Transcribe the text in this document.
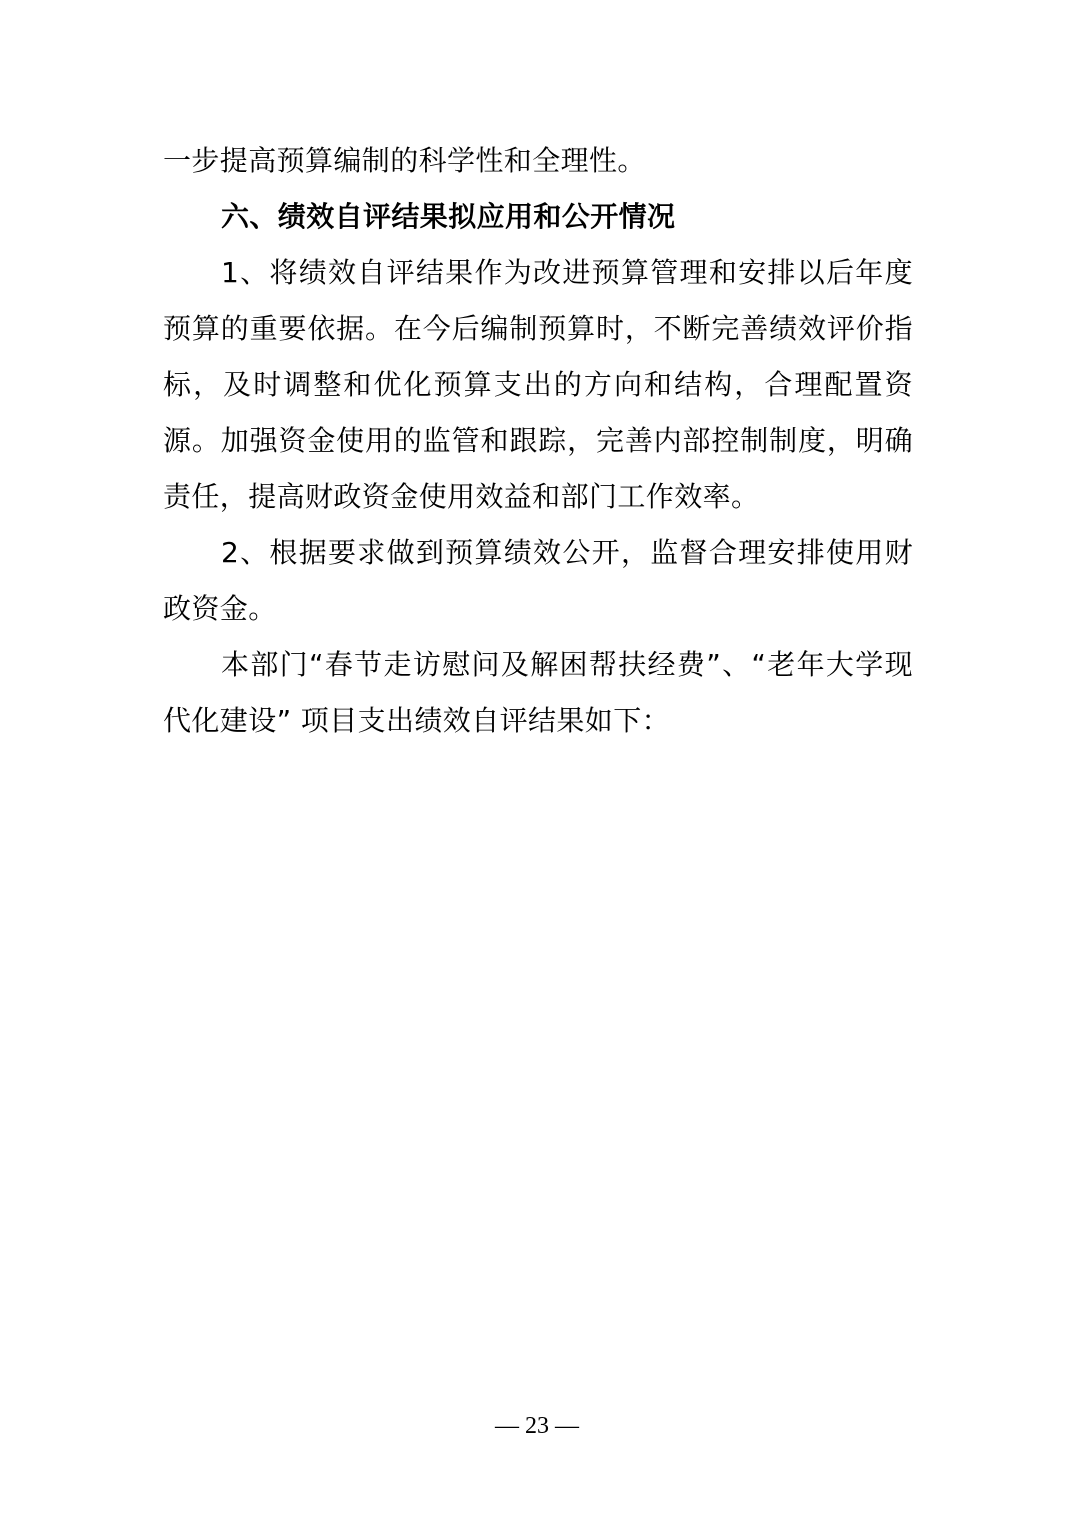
一步提高预算编制的科学性和全理性。

六、绩效自评结果拟应用和公开情况

1、将绩效自评结果作为改进预算管理和安排以后年度预算的重要依据。在今后编制预算时，不断完善绩效评价指标，及时调整和优化预算支出的方向和结构，合理配置资源。加强资金使用的监管和跟踪，完善内部控制制度，明确责任，提高财政资金使用效益和部门工作效率。

2、根据要求做到预算绩效公开，监督合理安排使用财政资金。

本部门“春节走访慰问及解困帮扶经费”、“老年大学现代化建设” 项目支出绩效自评结果如下：

— 23 —
